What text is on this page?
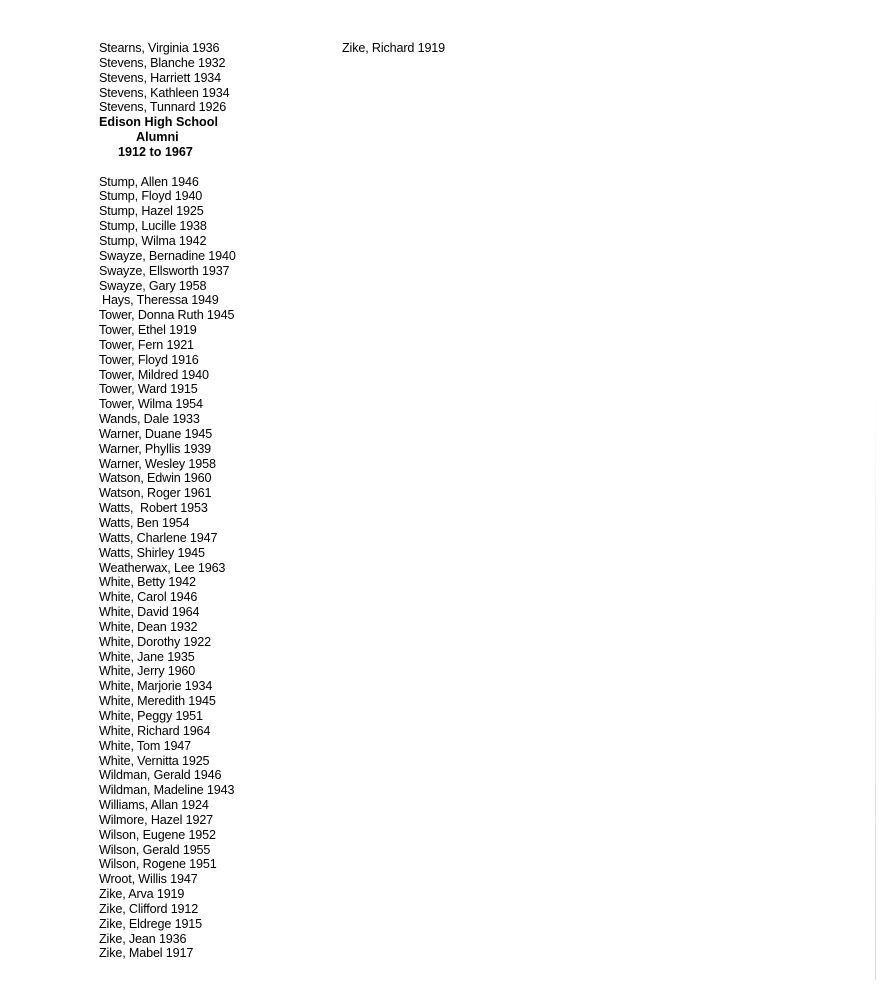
Stearns, Virginia 1936
Stevens, Blanche 1932
Stevens, Harriett 1934
Stevens, Kathleen 1934
Stevens, Tunnard 1926
Edison High School
Alumni
1912 to 1967
Stump, Allen 1946
Stump, Floyd 1940
Stump, Hazel 1925
Stump, Lucille 1938
Stump, Wilma 1942
Swayze, Bernadine 1940
Swayze, Ellsworth 1937
Swayze, Gary 1958
Hays, Theressa 1949
Tower, Donna Ruth 1945
Tower, Ethel 1919
Tower, Fern 1921
Tower, Floyd 1916
Tower, Mildred 1940
Tower, Ward 1915
Tower, Wilma 1954
Wands, Dale 1933
Warner, Duane 1945
Warner, Phyllis 1939
Warner, Wesley 1958
Watson, Edwin 1960
Watson, Roger 1961
Watts,  Robert 1953
Watts, Ben 1954
Watts, Charlene 1947
Watts, Shirley 1945
Weatherwax, Lee 1963
White, Betty 1942
White, Carol 1946
White, David 1964
White, Dean 1932
White, Dorothy 1922
White, Jane 1935
White, Jerry 1960
White, Marjorie 1934
White, Meredith 1945
White, Peggy 1951
White, Richard 1964
White, Tom 1947
White, Vernitta 1925
Wildman, Gerald 1946
Wildman, Madeline 1943
Williams, Allan 1924
Wilmore, Hazel 1927
Wilson, Eugene 1952
Wilson, Gerald 1955
Wilson, Rogene 1951
Wroot, Willis 1947
Zike, Arva 1919
Zike, Clifford 1912
Zike, Eldrege 1915
Zike, Jean 1936
Zike, Mabel 1917
Zike, Richard 1919
